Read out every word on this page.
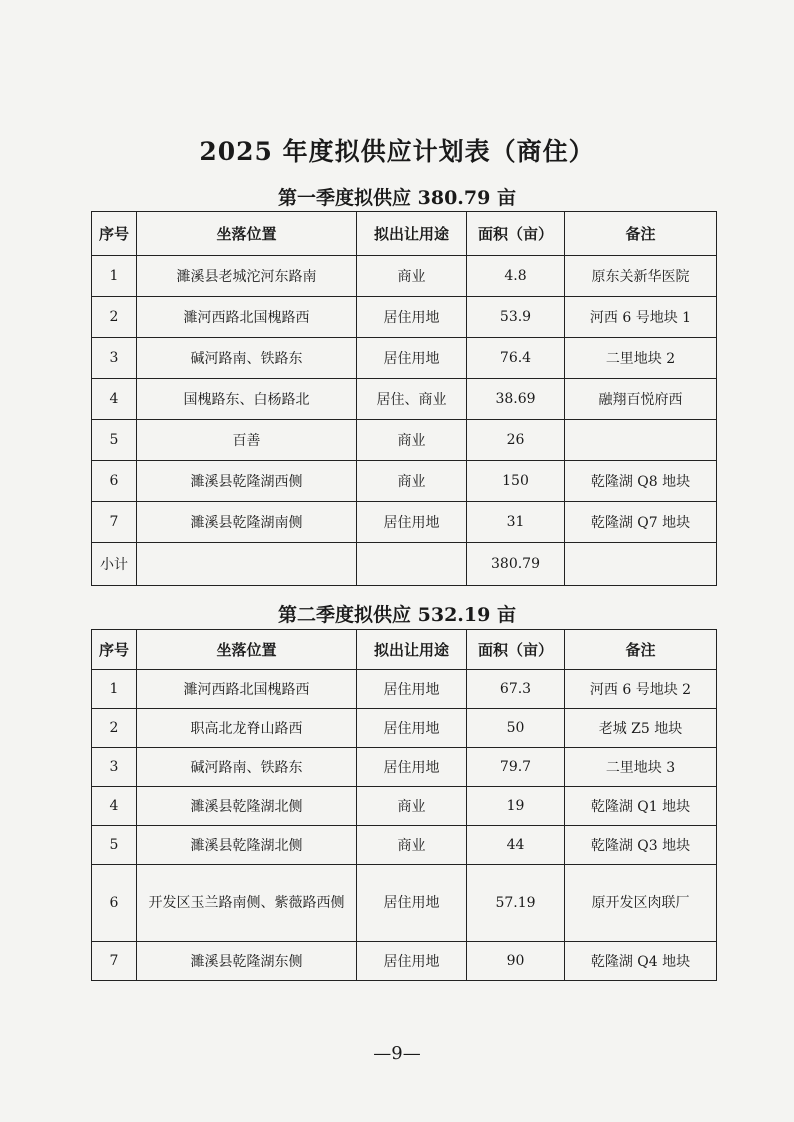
2025 年度拟供应计划表（商住）
第一季度拟供应 380.79 亩
序号	坐落位置	拟出让用途	面积（亩）	备注
1	濉溪县老城沱河东路南	商业	4.8	原东关新华医院
2	濉河西路北国槐路西	居住用地	53.9	河西 6 号地块 1
3	碱河路南、铁路东	居住用地	76.4	二里地块 2
4	国槐路东、白杨路北	居住、商业	38.69	融翔百悦府西
5	百善	商业	26	
6	濉溪县乾隆湖西侧	商业	150	乾隆湖 Q8 地块
7	濉溪县乾隆湖南侧	居住用地	31	乾隆湖 Q7 地块
小计			380.79	
第二季度拟供应 532.19 亩
序号	坐落位置	拟出让用途	面积（亩）	备注
1	濉河西路北国槐路西	居住用地	67.3	河西 6 号地块 2
2	职高北龙脊山路西	居住用地	50	老城 Z5 地块
3	碱河路南、铁路东	居住用地	79.7	二里地块 3
4	濉溪县乾隆湖北侧	商业	19	乾隆湖 Q1 地块
5	濉溪县乾隆湖北侧	商业	44	乾隆湖 Q3 地块
6	开发区玉兰路南侧、紫薇路西侧	居住用地	57.19	原开发区肉联厂
7	濉溪县乾隆湖东侧	居住用地	90	乾隆湖 Q4 地块
—9—
